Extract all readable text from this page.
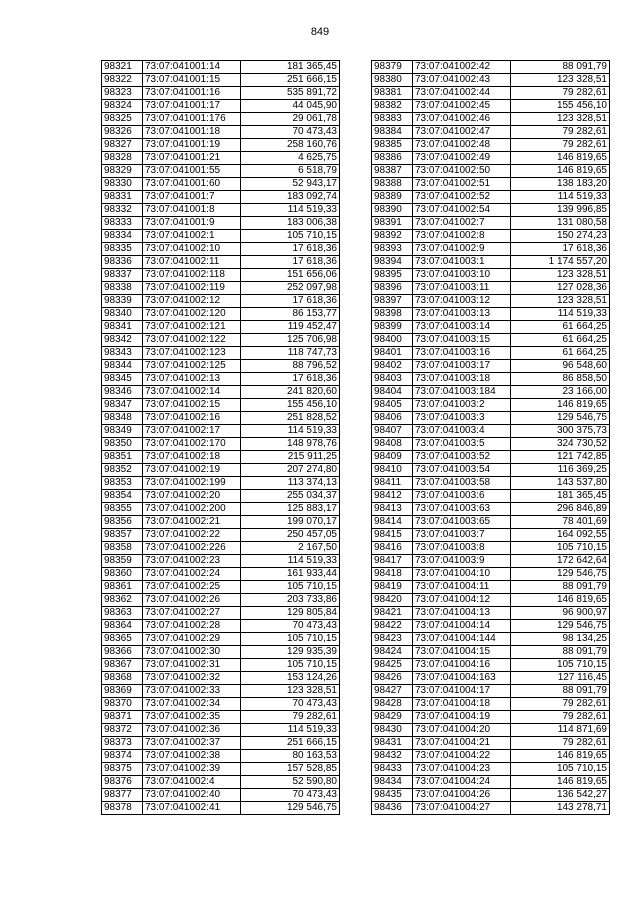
849
98321	73:07:041001:14	181 365,45
98322	73:07:041001:15	251 666,15
98323	73:07:041001:16	535 891,72
98324	73:07:041001:17	44 045,90
98325	73:07:041001:176	29 061,78
98326	73:07:041001:18	70 473,43
98327	73:07:041001:19	258 160,76
98328	73:07:041001:21	4 625,75
98329	73:07:041001:55	6 518,79
98330	73:07:041001:60	52 943,17
98331	73:07:041001:7	183 092,74
98332	73:07:041001:8	114 519,33
98333	73:07:041001:9	183 006,38
98334	73:07:041002:1	105 710,15
98335	73:07:041002:10	17 618,36
98336	73:07:041002:11	17 618,36
98337	73:07:041002:118	151 656,06
98338	73:07:041002:119	252 097,98
98339	73:07:041002:12	17 618,36
98340	73:07:041002:120	86 153,77
98341	73:07:041002:121	119 452,47
98342	73:07:041002:122	125 706,98
98343	73:07:041002:123	118 747,73
98344	73:07:041002:125	88 796,52
98345	73:07:041002:13	17 618,36
98346	73:07:041002:14	241 820,60
98347	73:07:041002:15	155 456,10
98348	73:07:041002:16	251 828,52
98349	73:07:041002:17	114 519,33
98350	73:07:041002:170	148 978,76
98351	73:07:041002:18	215 911,25
98352	73:07:041002:19	207 274,80
98353	73:07:041002:199	113 374,13
98354	73:07:041002:20	255 034,37
98355	73:07:041002:200	125 883,17
98356	73:07:041002:21	199 070,17
98357	73:07:041002:22	250 457,05
98358	73:07:041002:226	2 167,50
98359	73:07:041002:23	114 519,33
98360	73:07:041002:24	161 933,44
98361	73:07:041002:25	105 710,15
98362	73:07:041002:26	203 733,86
98363	73:07:041002:27	129 805,84
98364	73:07:041002:28	70 473,43
98365	73:07:041002:29	105 710,15
98366	73:07:041002:30	129 935,39
98367	73:07:041002:31	105 710,15
98368	73:07:041002:32	153 124,26
98369	73:07:041002:33	123 328,51
98370	73:07:041002:34	70 473,43
98371	73:07:041002:35	79 282,61
98372	73:07:041002:36	114 519,33
98373	73:07:041002:37	251 666,15
98374	73:07:041002:38	80 163,53
98375	73:07:041002:39	157 528,85
98376	73:07:041002:4	52 590,80
98377	73:07:041002:40	70 473,43
98378	73:07:041002:41	129 546,75
98379	73:07:041002:42	88 091,79
98380	73:07:041002:43	123 328,51
98381	73:07:041002:44	79 282,61
98382	73:07:041002:45	155 456,10
98383	73:07:041002:46	123 328,51
98384	73:07:041002:47	79 282,61
98385	73:07:041002:48	79 282,61
98386	73:07:041002:49	146 819,65
98387	73:07:041002:50	146 819,65
98388	73:07:041002:51	138 183,20
98389	73:07:041002:52	114 519,33
98390	73:07:041002:54	139 996,85
98391	73:07:041002:7	131 080,58
98392	73:07:041002:8	150 274,23
98393	73:07:041002:9	17 618,36
98394	73:07:041003:1	1 174 557,20
98395	73:07:041003:10	123 328,51
98396	73:07:041003:11	127 028,36
98397	73:07:041003:12	123 328,51
98398	73:07:041003:13	114 519,33
98399	73:07:041003:14	61 664,25
98400	73:07:041003:15	61 664,25
98401	73:07:041003:16	61 664,25
98402	73:07:041003:17	96 548,60
98403	73:07:041003:18	86 858,50
98404	73:07:041003:184	23 166,00
98405	73:07:041003:2	146 819,65
98406	73:07:041003:3	129 546,75
98407	73:07:041003:4	300 375,73
98408	73:07:041003:5	324 730,52
98409	73:07:041003:52	121 742,85
98410	73:07:041003:54	116 369,25
98411	73:07:041003:58	143 537,80
98412	73:07:041003:6	181 365,45
98413	73:07:041003:63	296 846,89
98414	73:07:041003:65	78 401,69
98415	73:07:041003:7	164 092,55
98416	73:07:041003:8	105 710,15
98417	73:07:041003:9	172 642,64
98418	73:07:041004:10	129 546,75
98419	73:07:041004:11	88 091,79
98420	73:07:041004:12	146 819,65
98421	73:07:041004:13	96 900,97
98422	73:07:041004:14	129 546,75
98423	73:07:041004:144	98 134,25
98424	73:07:041004:15	88 091,79
98425	73:07:041004:16	105 710,15
98426	73:07:041004:163	127 116,45
98427	73:07:041004:17	88 091,79
98428	73:07:041004:18	79 282,61
98429	73:07:041004:19	79 282,61
98430	73:07:041004:20	114 871,69
98431	73:07:041004:21	79 282,61
98432	73:07:041004:22	146 819,65
98433	73:07:041004:23	105 710,15
98434	73:07:041004:24	146 819,65
98435	73:07:041004:26	136 542,27
98436	73:07:041004:27	143 278,71
